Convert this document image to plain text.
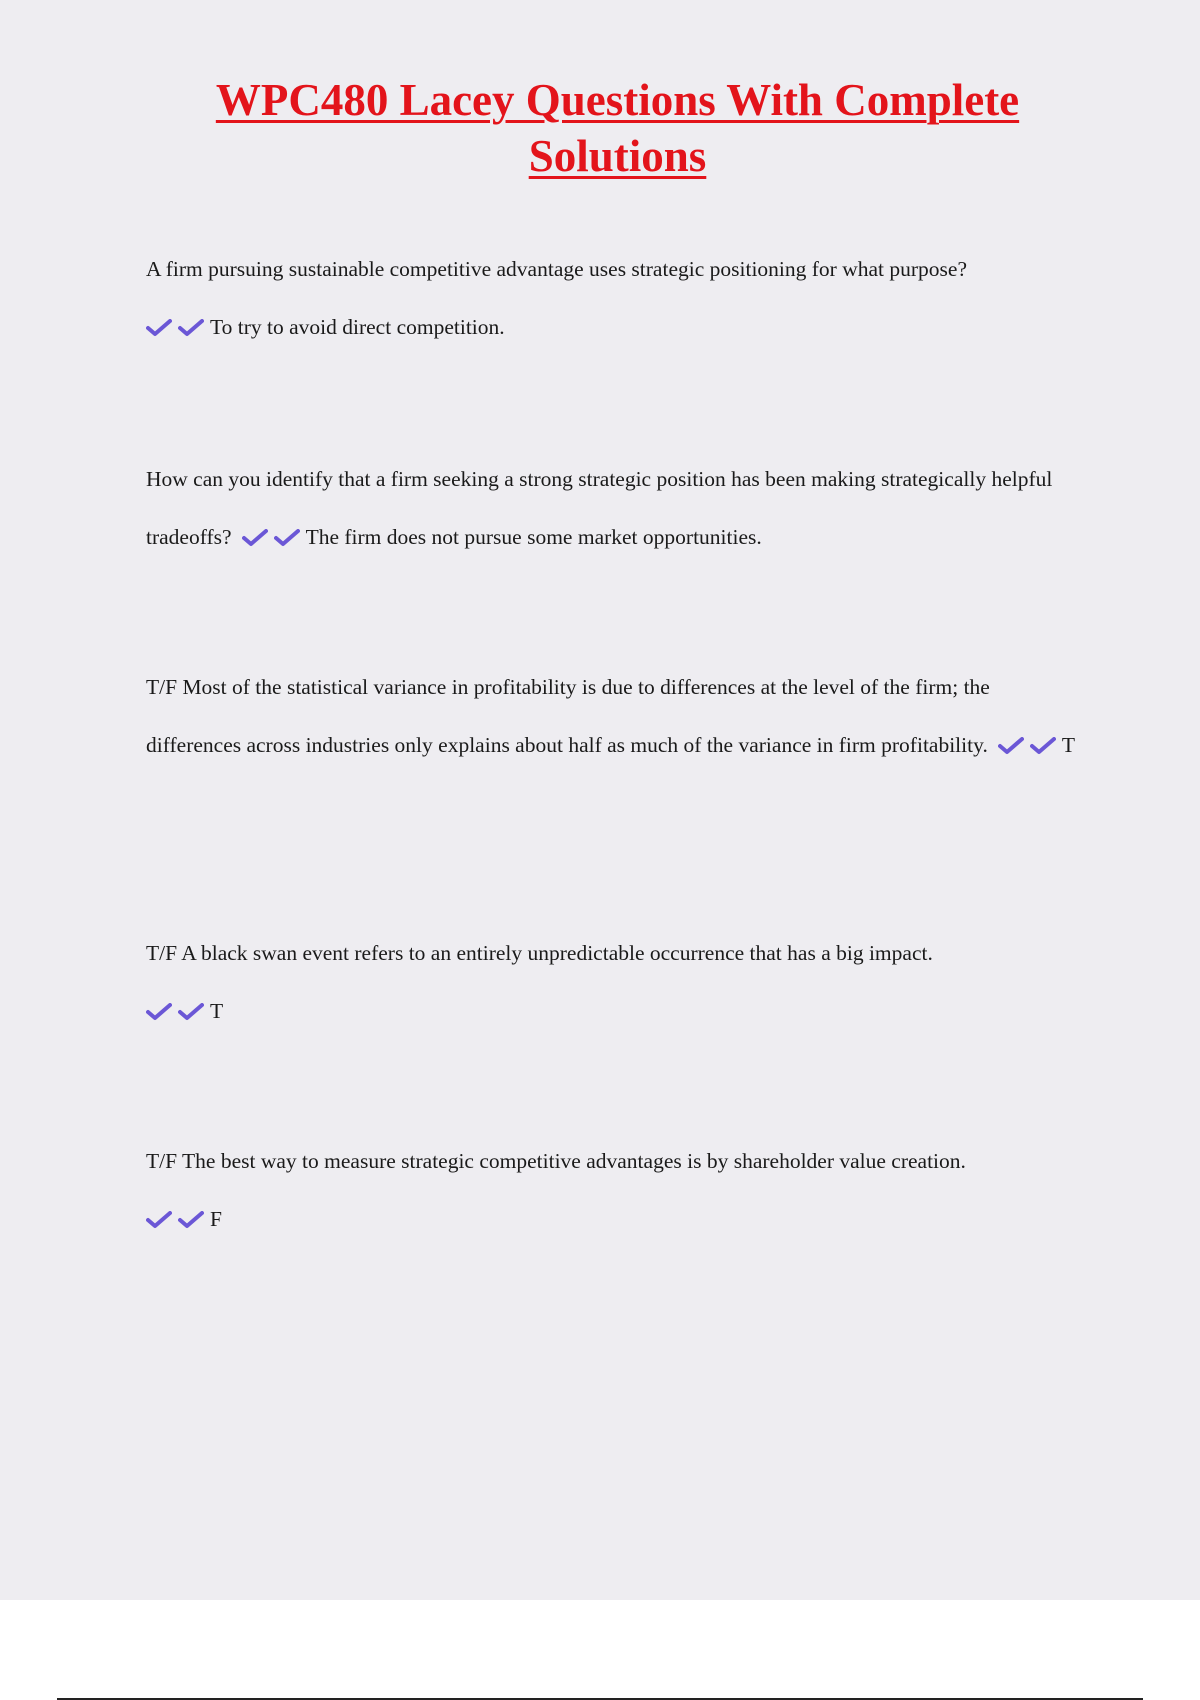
WPC480 Lacey Questions With Complete Solutions

A firm pursuing sustainable competitive advantage uses strategic positioning for what purpose?
To try to avoid direct competition.

How can you identify that a firm seeking a strong strategic position has been making strategically helpful tradeoffs?	The firm does not pursue some market opportunities.

T/F Most of the statistical variance in profitability is due to differences at the level of the firm; the differences across industries only explains about half as much of the variance in firm profitability.	T

T/F A black swan event refers to an entirely unpredictable occurrence that has a big impact.
T

T/F The best way to measure strategic competitive advantages is by shareholder value creation.
F
